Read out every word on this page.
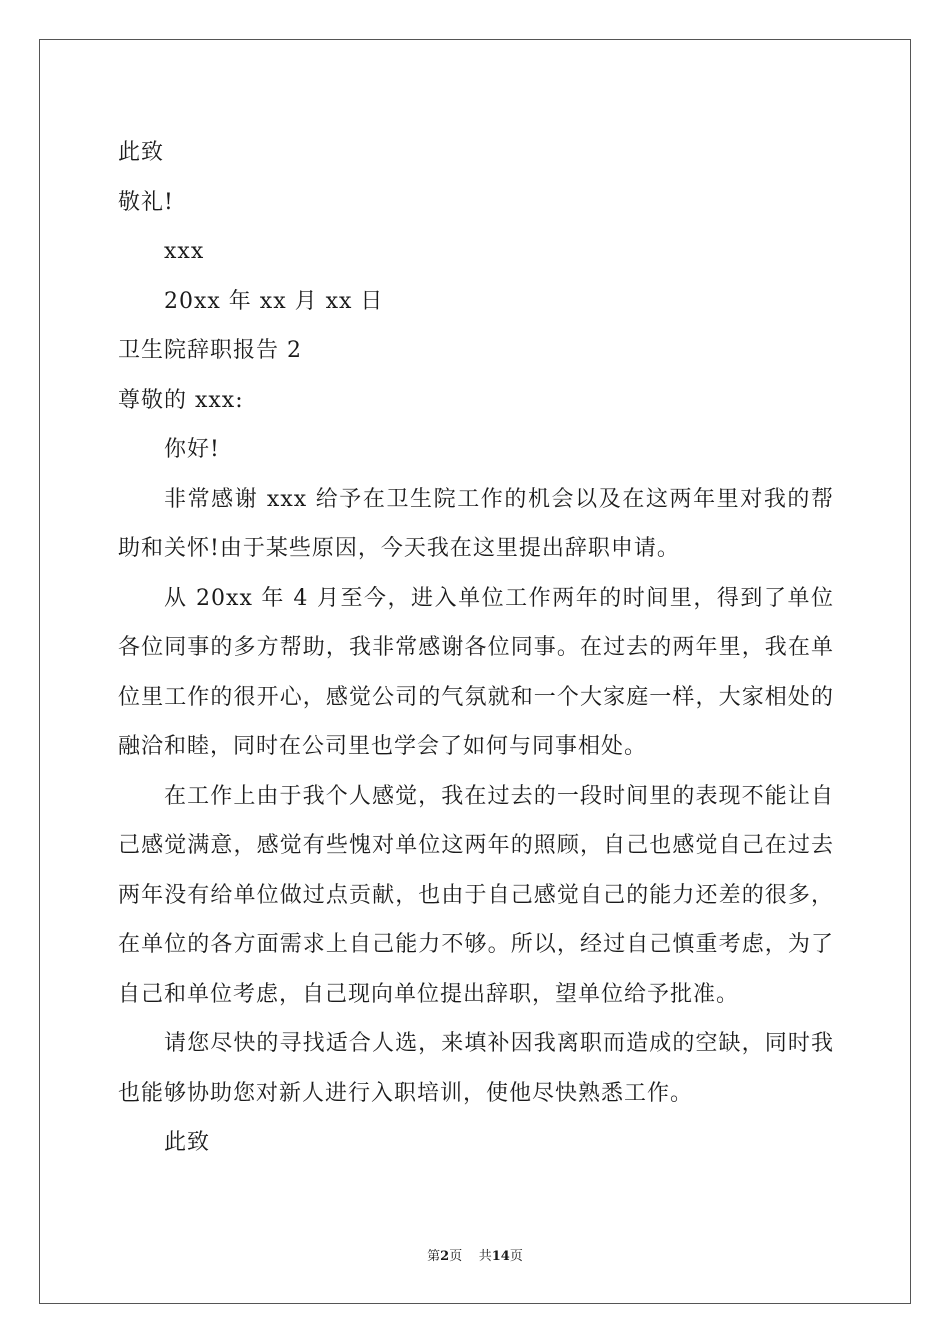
此致
敬礼!
xxx
20xx 年 xx 月 xx 日
卫生院辞职报告 2
尊敬的 xxx:
你好!
非常感谢 xxx 给予在卫生院工作的机会以及在这两年里对我的帮助和关怀!由于某些原因，今天我在这里提出辞职申请。
从 20xx 年 4 月至今，进入单位工作两年的时间里，得到了单位各位同事的多方帮助，我非常感谢各位同事。在过去的两年里，我在单位里工作的很开心，感觉公司的气氛就和一个大家庭一样，大家相处的融洽和睦，同时在公司里也学会了如何与同事相处。
在工作上由于我个人感觉，我在过去的一段时间里的表现不能让自己感觉满意，感觉有些愧对单位这两年的照顾，自己也感觉自己在过去两年没有给单位做过点贡献，也由于自己感觉自己的能力还差的很多，在单位的各方面需求上自己能力不够。所以，经过自己慎重考虑，为了自己和单位考虑，自己现向单位提出辞职，望单位给予批准。
请您尽快的寻找适合人选，来填补因我离职而造成的空缺，同时我也能够协助您对新人进行入职培训，使他尽快熟悉工作。
此致
第2页 共14页
